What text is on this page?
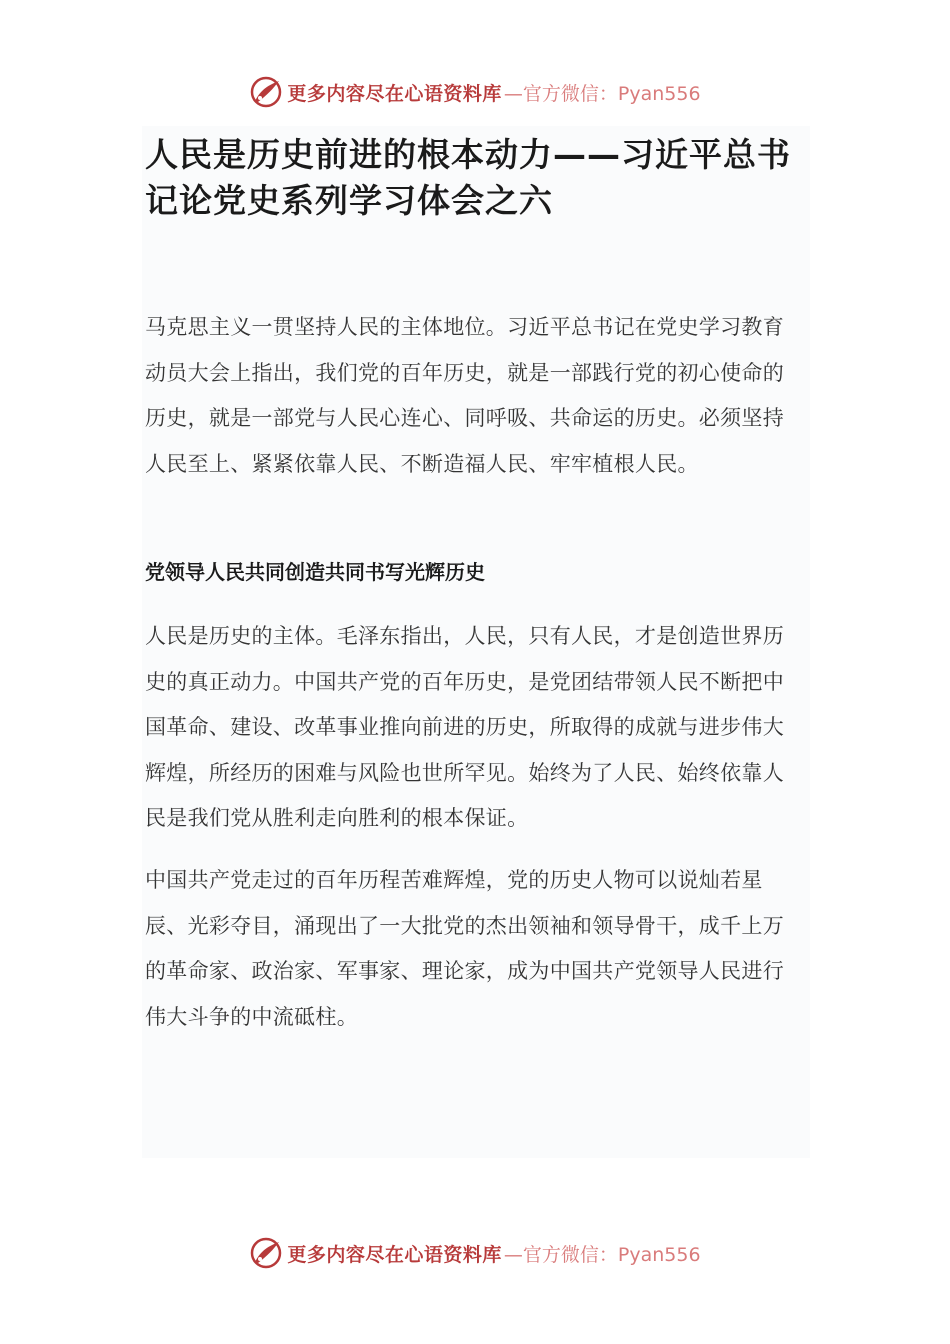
更多内容尽在心语资料库 —官方微信：Pyan556
人民是历史前进的根本动力——习近平总书记论党史系列学习体会之六

马克思主义一贯坚持人民的主体地位。习近平总书记在党史学习教育动员大会上指出，我们党的百年历史，就是一部践行党的初心使命的历史，就是一部党与人民心连心、同呼吸、共命运的历史。必须坚持人民至上、紧紧依靠人民、不断造福人民、牢牢植根人民。

党领导人民共同创造共同书写光辉历史

人民是历史的主体。毛泽东指出，人民，只有人民，才是创造世界历史的真正动力。中国共产党的百年历史，是党团结带领人民不断把中国革命、建设、改革事业推向前进的历史，所取得的成就与进步伟大辉煌，所经历的困难与风险也世所罕见。始终为了人民、始终依靠人民是我们党从胜利走向胜利的根本保证。

中国共产党走过的百年历程苦难辉煌，党的历史人物可以说灿若星辰、光彩夺目，涌现出了一大批党的杰出领袖和领导骨干，成千上万的革命家、政治家、军事家、理论家，成为中国共产党领导人民进行伟大斗争的中流砥柱。

更多内容尽在心语资料库 —官方微信：Pyan556
